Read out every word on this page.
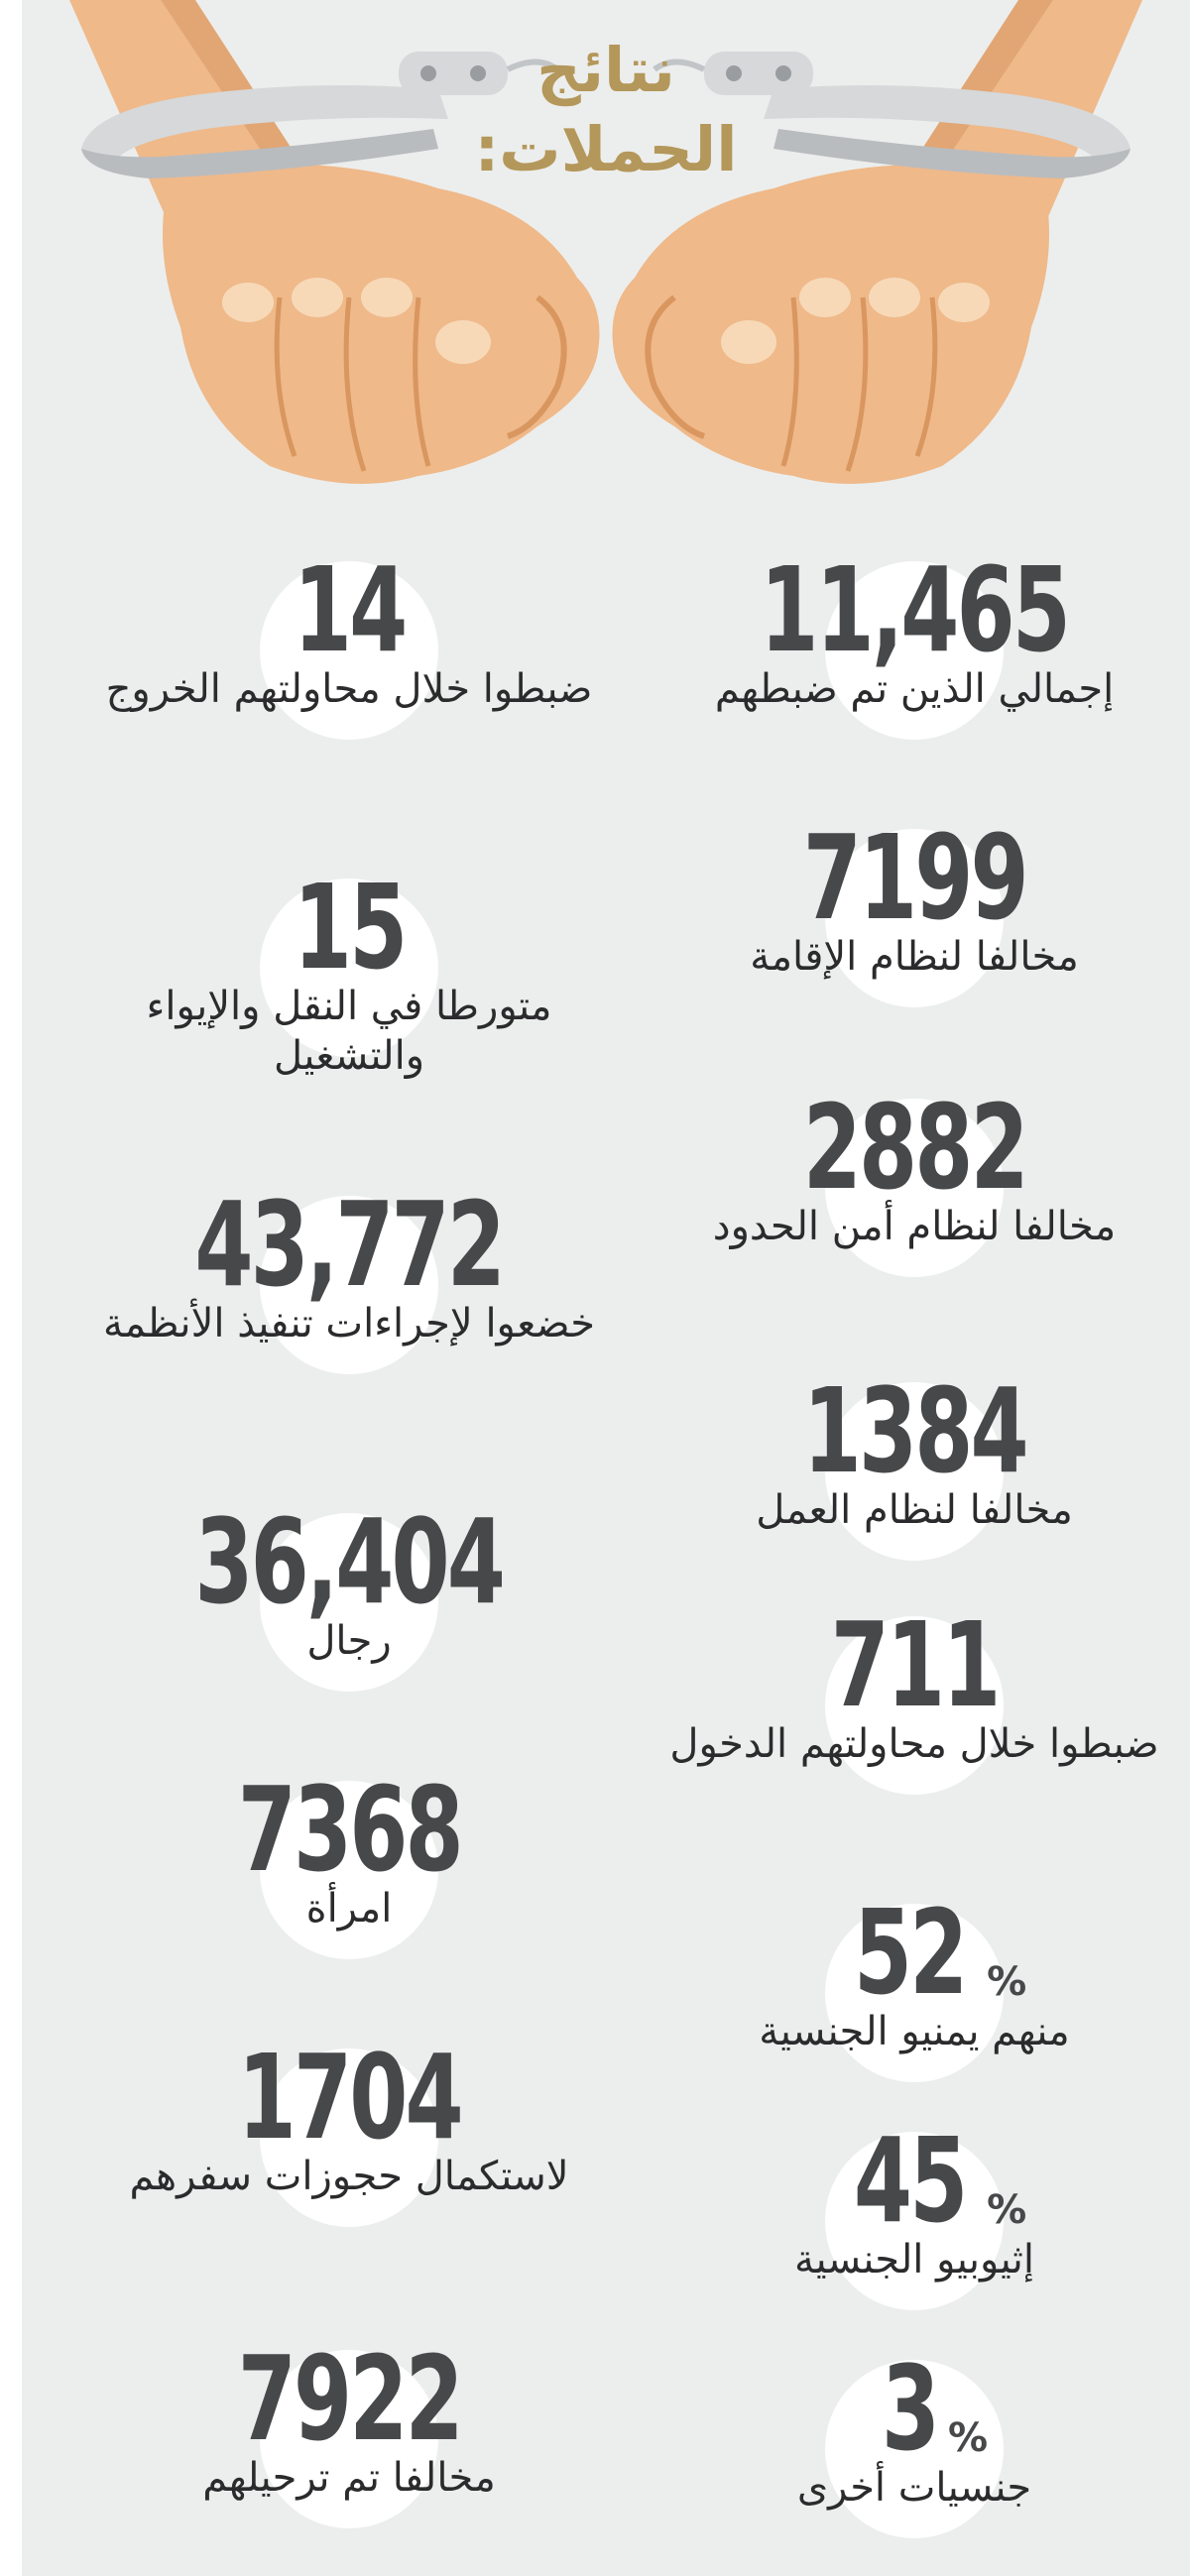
نتائج
الحملات:
11,465
إجمالي الذين تم ضبطهم
7199
مخالفا لنظام الإقامة
2882
مخالفا لنظام أمن الحدود
1384
مخالفا لنظام العمل
711
ضبطوا خلال محاولتهم الدخول
52 %
منهم يمنيو الجنسية
45 %
إثيوبيو الجنسية
3 %
جنسيات أخرى
14
ضبطوا خلال محاولتهم الخروج
15
متورطا في النقل والإيواء والتشغيل
43,772
خضعوا لإجراءات تنفيذ الأنظمة
36,404
رجال
7368
امرأة
1704
لاستكمال حجوزات سفرهم
7922
مخالفا تم ترحيلهم
